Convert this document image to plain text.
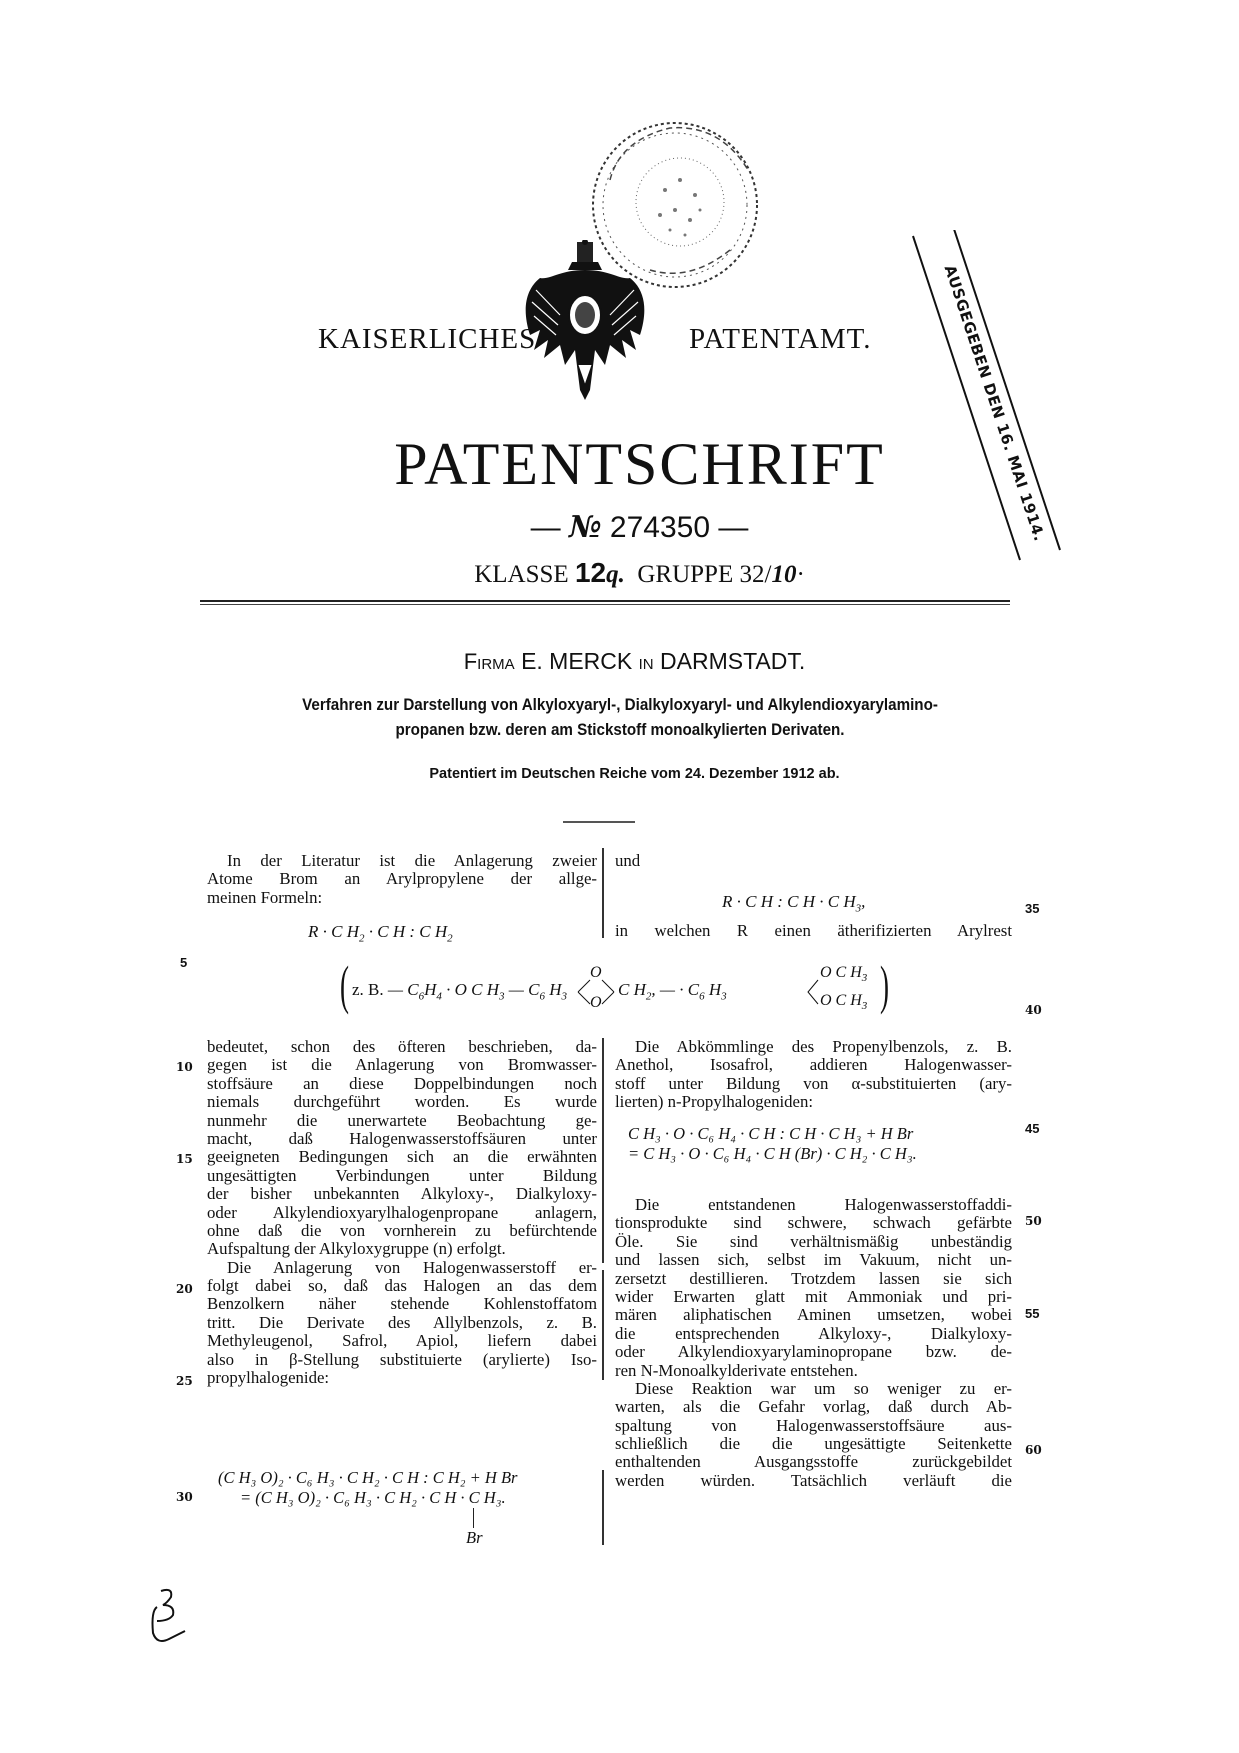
KAISERLICHES	PATENTAMT.	AUSGEGEBEN DEN 16. MAI 1914.
PATENTSCHRIFT
— № 274350 —
KLASSE 12q. GRUPPE 32/10·
Firma E. MERCK in DARMSTADT.
Verfahren zur Darstellung von Alkyloxyaryl-, Dialkyloxyaryl- und Alkylendioxyarylamino-
propanen bzw. deren am Stickstoff monoalkylierten Derivaten.
Patentiert im Deutschen Reiche vom 24. Dezember 1912 ab.
In der Literatur ist die Anlagerung zweier
Atome Brom an Arylpropylene der allge-
meinen Formeln:
R · C $H_2 \cdot C$ H : C $H_2$
und
R · C H : C H · C $H_3$,
in welchen R einen ätherifizierten Arylrest
( z. B. — $C_6H_4 \cdot O$ C $H_3$ — $C_6$ $H_3$
O
O
C $H_2$, — · $C_6$ $H_3$
O C $H_3$
O C $H_3$ )
bedeutet, schon des öfteren beschrieben, da-
gegen ist die Anlagerung von Bromwasser-
stoffsäure an diese Doppelbindungen noch
niemals durchgeführt worden. Es wurde
nunmehr die unerwartete Beobachtung ge-
macht, daß Halogenwasserstoffsäuren unter
geeigneten Bedingungen sich an die erwähnten
ungesättigten Verbindungen unter Bildung
der bisher unbekannten Alkyloxy-, Dialkyloxy-
oder Alkylendioxyarylhalogenpropane anlagern,
ohne daß die von vornherein zu befürchtende
Aufspaltung der Alkyloxygruppe (n) erfolgt.
Die Anlagerung von Halogenwasserstoff er-
folgt dabei so, daß das Halogen an das dem
Benzolkern näher stehende Kohlenstoffatom
tritt. Die Derivate des Allylbenzols, z. B.
Methyleugenol, Safrol, Apiol, liefern dabei
also in β-Stellung substituierte (arylierte) Iso-
propylhalogenide:
(C H₃ O)₂ · C₆ H₃ · C H₂ · C H : C H₂ + H Br
= (C H₃ O)₂ · C₆ H₃ · C H₂ · C H · C H₃.
Br
Die Abkömmlinge des Propenylbenzols, z. B.
Anethol, Isosafrol, addieren Halogenwasser-
stoff unter Bildung von α-substituierten (ary-
lierten) n-Propylhalogeniden:
C H₃ · O · C₆ H₄ · C H : C H · C H₃ + H Br
= C H₃ · O · C₆ H₄ · C H (Br) · C H₂ · C H₃.
Die entstandenen Halogenwasserstoffaddi-
tionsprodukte sind schwere, schwach gefärbte
Öle. Sie sind verhältnismäßig unbeständig
und lassen sich, selbst im Vakuum, nicht un-
zersetzt destillieren. Trotzdem lassen sie sich
wider Erwarten glatt mit Ammoniak und pri-
mären aliphatischen Aminen umsetzen, wobei
die entsprechenden Alkyloxy-, Dialkyloxy-
oder Alkylendioxyarylaminopropane bzw. de-
ren N-Monoalkylderivate entstehen.
Diese Reaktion war um so weniger zu er-
warten, als die Gefahr vorlag, daß durch Ab-
spaltung von Halogenwasserstoffsäure aus-
schließlich die die ungesättigte Seitenkette
enthaltenden Ausgangsstoffe zurückgebildet
werden würden. Tatsächlich verläuft die
5
10
15
20
25
30
35
40
45
50
55
60
